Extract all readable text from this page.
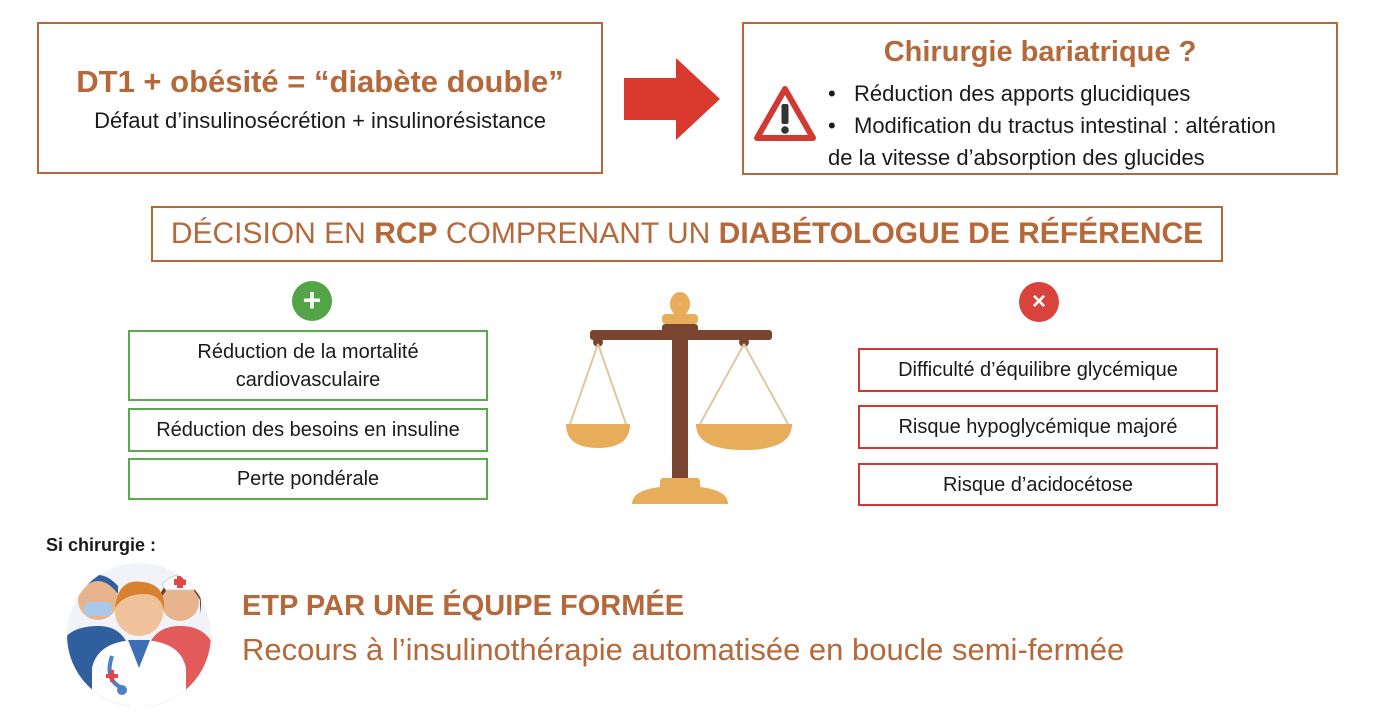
DT1 + obésité = “diabète double”
Défaut d’insulinosécrétion + insulinorésistance
Chirurgie bariatrique ?
• Réduction des apports glucidiques
• Modification du tractus intestinal : altération
de la vitesse d’absorption des glucides
DÉCISION EN RCP COMPRENANT UN DIABÉTOLOGUE DE RÉFÉRENCE
+	×
Réduction de la mortalité
cardiovasculaire
Réduction des besoins en insuline
Perte pondérale
Difficulté d’équilibre glycémique
Risque hypoglycémique majoré
Risque d’acidocétose
Si chirurgie :
ETP PAR UNE ÉQUIPE FORMÉE
Recours à l’insulinothérapie automatisée en boucle semi-fermée
